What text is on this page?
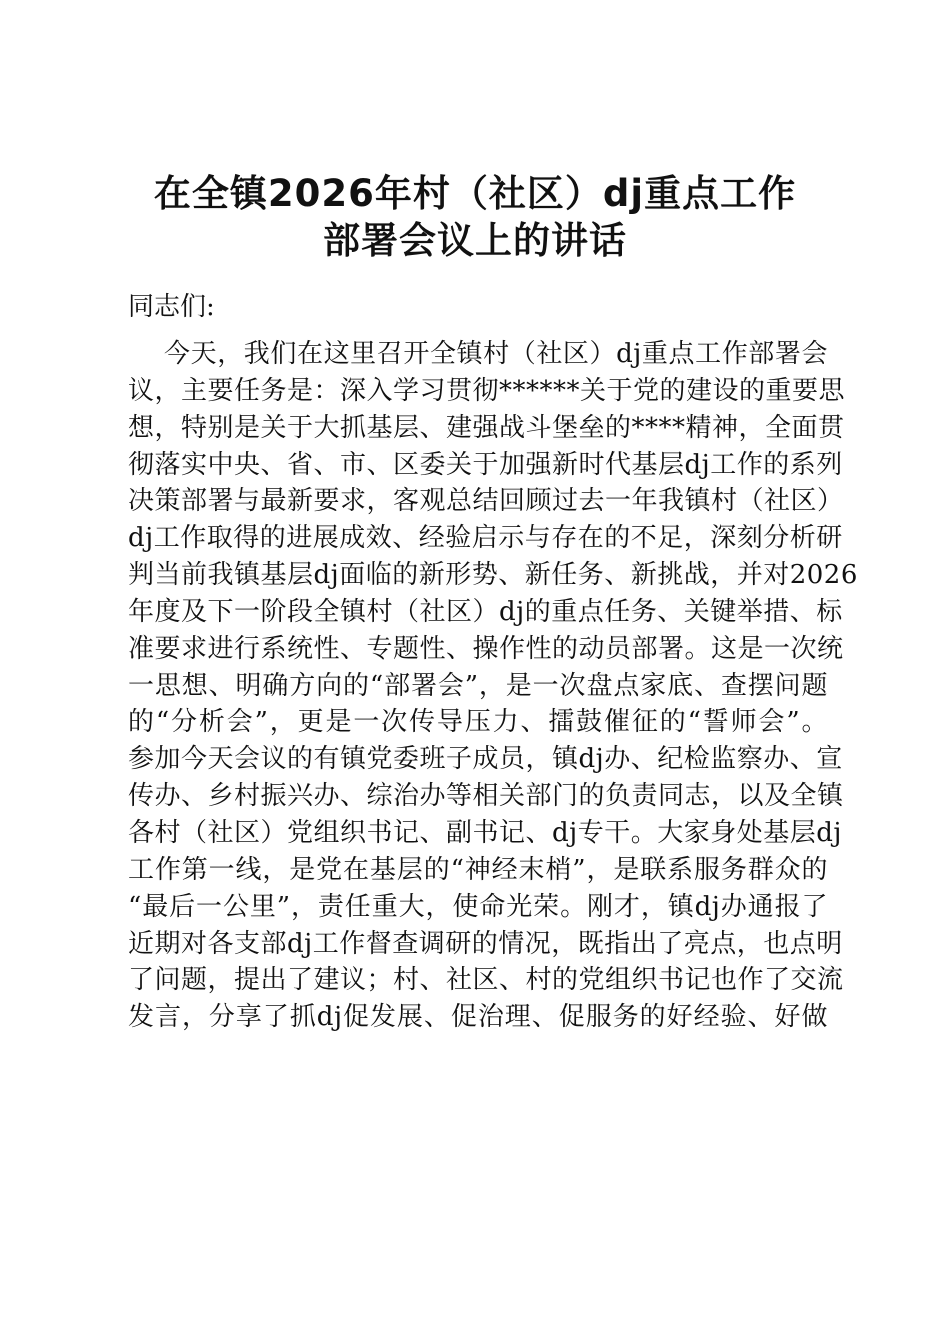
在全镇2026年村（社区）dj重点工作
部署会议上的讲话

同志们:

今天，我们在这里召开全镇村（社区）dj重点工作部署会
议，主要任务是：深入学习贯彻******关于党的建设的重要思
想，特别是关于大抓基层、建强战斗堡垒的****精神，全面贯
彻落实中央、省、市、区委关于加强新时代基层dj工作的系列
决策部署与最新要求，客观总结回顾过去一年我镇村（社区）
dj工作取得的进展成效、经验启示与存在的不足，深刻分析研
判当前我镇基层dj面临的新形势、新任务、新挑战，并对2026
年度及下一阶段全镇村（社区）dj的重点任务、关键举措、标
准要求进行系统性、专题性、操作性的动员部署。这是一次统
一思想、明确方向的“部署会”，是一次盘点家底、查摆问题
的“分析会”，更是一次传导压力、擂鼓催征的“誓师会”。
参加今天会议的有镇党委班子成员，镇dj办、纪检监察办、宣
传办、乡村振兴办、综治办等相关部门的负责同志，以及全镇
各村（社区）党组织书记、副书记、dj专干。大家身处基层dj
工作第一线，是党在基层的“神经末梢”，是联系服务群众的
“最后一公里”，责任重大，使命光荣。刚才，镇dj办通报了
近期对各支部dj工作督查调研的情况，既指出了亮点，也点明
了问题，提出了建议；村、社区、村的党组织书记也作了交流
发言，分享了抓dj促发展、促治理、促服务的好经验、好做
